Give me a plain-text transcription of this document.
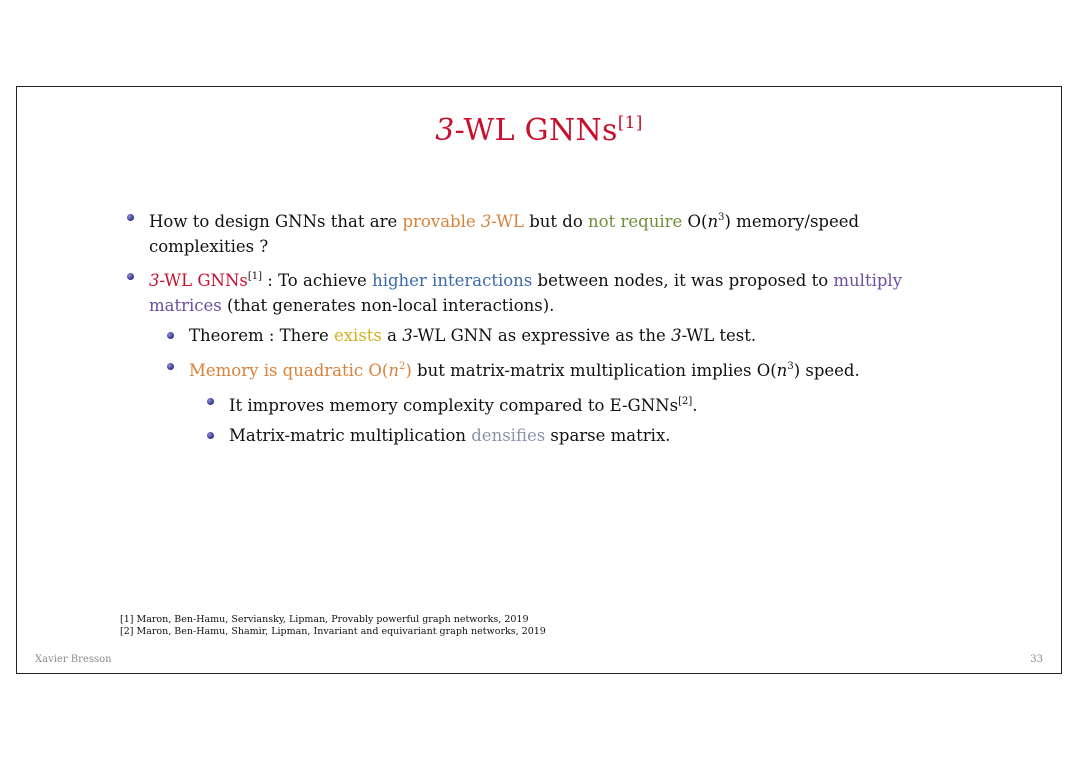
3-WL GNNs[1]
How to design GNNs that are provable 3-WL but do not require $O(n^3)$ memory/speed complexities ?
3-WL GNNs[1] : To achieve higher interactions between nodes, it was proposed to multiply matrices (that generates non-local interactions).
Theorem : There exists a 3-WL GNN as expressive as the 3-WL test.
Memory is quadratic $O(n^2)$ but matrix-matrix multiplication implies $O(n^3)$ speed.
It improves memory complexity compared to E-GNNs[2].
Matrix-matric multiplication densifies sparse matrix.
[1] Maron, Ben-Hamu, Serviansky, Lipman, Provably powerful graph networks, 2019
[2] Maron, Ben-Hamu, Shamir, Lipman, Invariant and equivariant graph networks, 2019
Xavier Bresson	33
